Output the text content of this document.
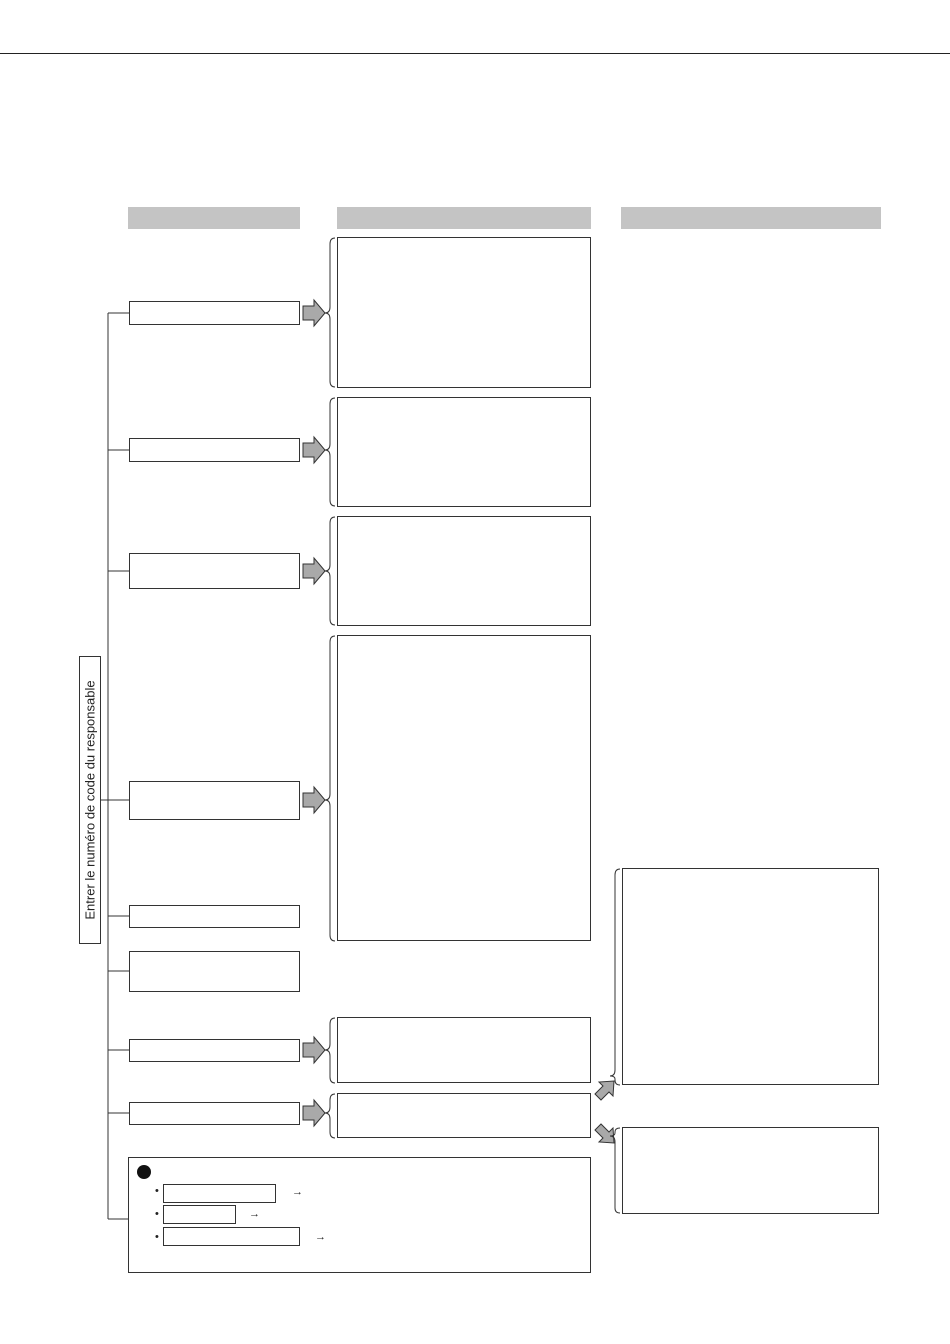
Entrer le numéro de code du responsable
•	→
•	→
•	→
